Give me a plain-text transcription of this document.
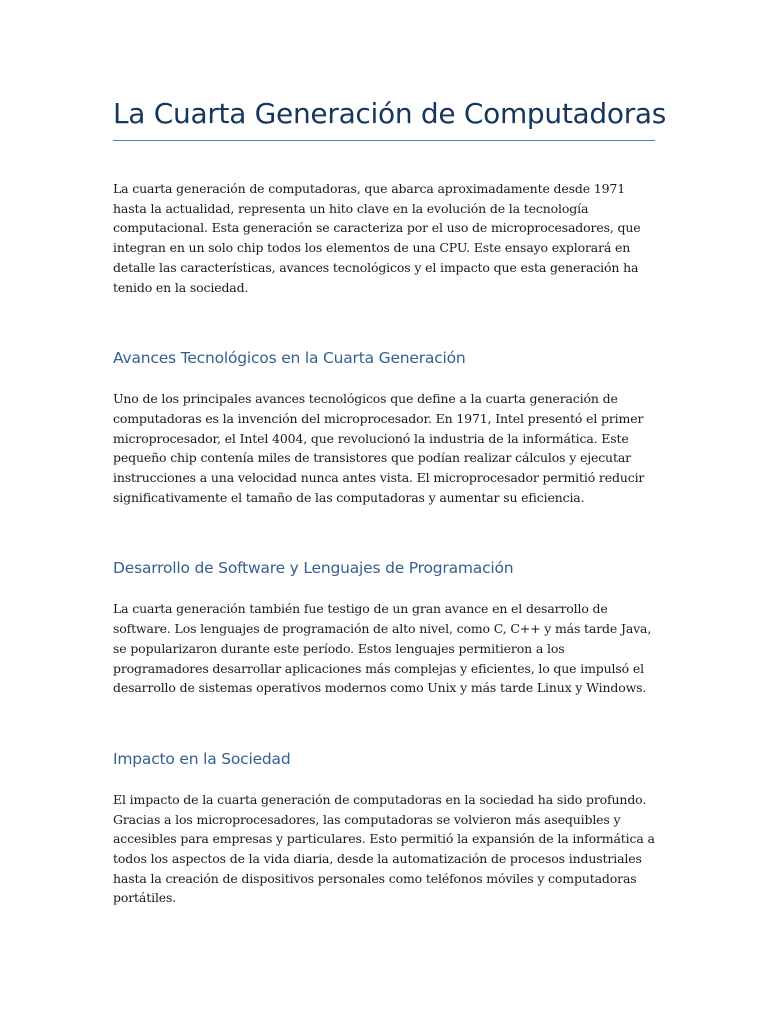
La Cuarta Generación de Computadoras

La cuarta generación de computadoras, que abarca aproximadamente desde 1971 hasta la actualidad, representa un hito clave en la evolución de la tecnología computacional. Esta generación se caracteriza por el uso de microprocesadores, que integran en un solo chip todos los elementos de una CPU. Este ensayo explorará en detalle las características, avances tecnológicos y el impacto que esta generación ha tenido en la sociedad.

Avances Tecnológicos en la Cuarta Generación

Uno de los principales avances tecnológicos que define a la cuarta generación de computadoras es la invención del microprocesador. En 1971, Intel presentó el primer microprocesador, el Intel 4004, que revolucionó la industria de la informática. Este pequeño chip contenía miles de transistores que podían realizar cálculos y ejecutar instrucciones a una velocidad nunca antes vista. El microprocesador permitió reducir significativamente el tamaño de las computadoras y aumentar su eficiencia.

Desarrollo de Software y Lenguajes de Programación

La cuarta generación también fue testigo de un gran avance en el desarrollo de software. Los lenguajes de programación de alto nivel, como C, C++ y más tarde Java, se popularizaron durante este período. Estos lenguajes permitieron a los programadores desarrollar aplicaciones más complejas y eficientes, lo que impulsó el desarrollo de sistemas operativos modernos como Unix y más tarde Linux y Windows.

Impacto en la Sociedad

El impacto de la cuarta generación de computadoras en la sociedad ha sido profundo. Gracias a los microprocesadores, las computadoras se volvieron más asequibles y accesibles para empresas y particulares. Esto permitió la expansión de la informática a todos los aspectos de la vida diaria, desde la automatización de procesos industriales hasta la creación de dispositivos personales como teléfonos móviles y computadoras portátiles.
